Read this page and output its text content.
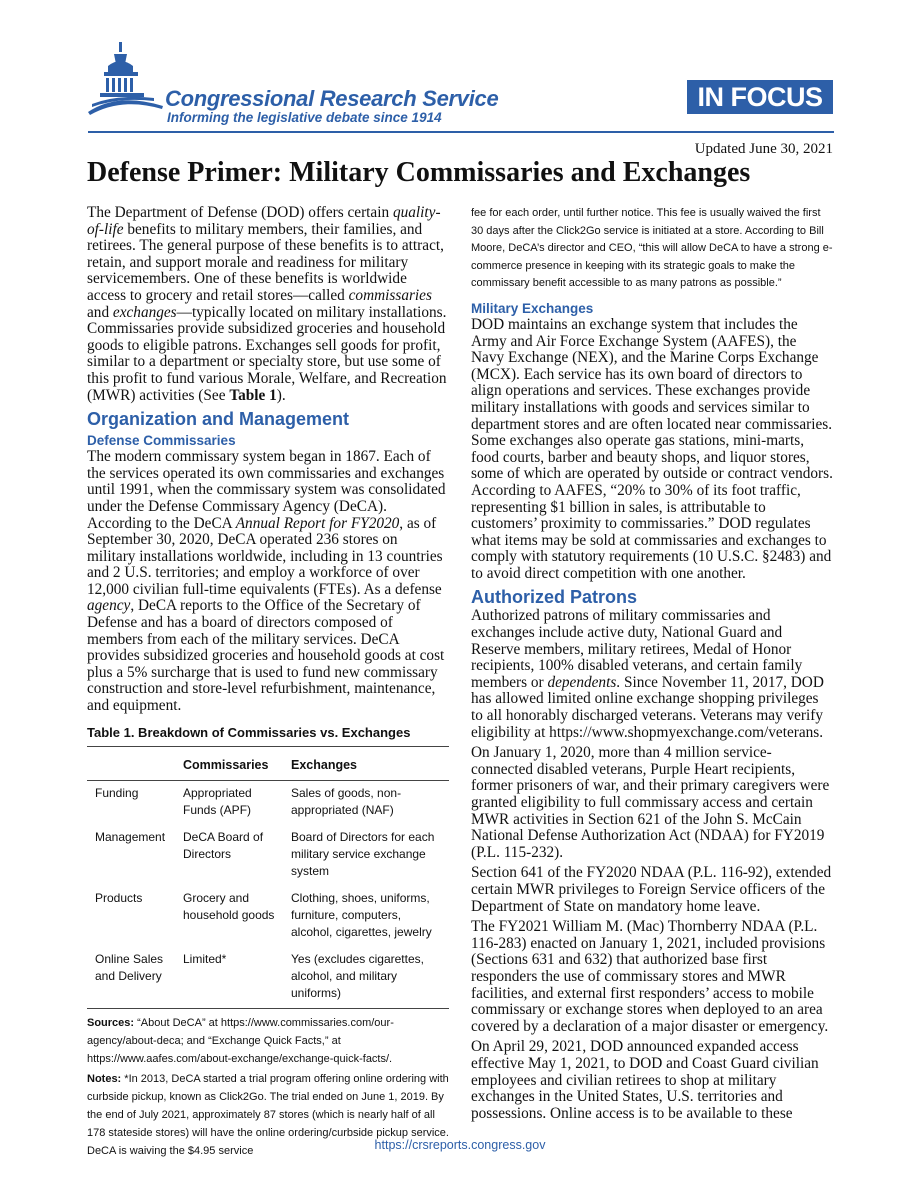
Congressional Research Service
Informing the legislative debate since 1914
IN FOCUS
Updated June 30, 2021
Defense Primer: Military Commissaries and Exchanges

The Department of Defense (DOD) offers certain quality-of-life benefits to military members, their families, and retirees. The general purpose of these benefits is to attract, retain, and support morale and readiness for military servicemembers. One of these benefits is worldwide access to grocery and retail stores—called commissaries and exchanges—typically located on military installations. Commissaries provide subsidized groceries and household goods to eligible patrons. Exchanges sell goods for profit, similar to a department or specialty store, but use some of this profit to fund various Morale, Welfare, and Recreation (MWR) activities (See Table 1).

Organization and Management
Defense Commissaries

The modern commissary system began in 1867. Each of the services operated its own commissaries and exchanges until 1991, when the commissary system was consolidated under the Defense Commissary Agency (DeCA). According to the DeCA Annual Report for FY2020, as of September 30, 2020, DeCA operated 236 stores on military installations worldwide, including in 13 countries and 2 U.S. territories; and employ a workforce of over 12,000 civilian full-time equivalents (FTEs). As a defense agency, DeCA reports to the Office of the Secretary of Defense and has a board of directors composed of members from each of the military services. DeCA provides subsidized groceries and household goods at cost plus a 5% surcharge that is used to fund new commissary construction and store-level refurbishment, maintenance, and equipment.

Table 1. Breakdown of Commissaries vs. Exchanges
	Commissaries	Exchanges
Funding	Appropriated Funds (APF)	Sales of goods, non-appropriated (NAF)
Management	DeCA Board of Directors	Board of Directors for each military service exchange system
Products	Grocery and household goods	Clothing, shoes, uniforms, furniture, computers, alcohol, cigarettes, jewelry
Online Sales and Delivery	Limited*	Yes (excludes cigarettes, alcohol, and military uniforms)
Sources: “About DeCA” at https://www.commissaries.com/our-agency/about-deca; and “Exchange Quick Facts,” at https://www.aafes.com/about-exchange/exchange-quick-facts/.
Notes: *In 2013, DeCA started a trial program offering online ordering with curbside pickup, known as Click2Go. The trial ended on June 1, 2019. By the end of July 2021, approximately 87 stores (which is nearly half of all 178 stateside stores) will have the online ordering/curbside pickup service. DeCA is waiving the $4.95 service

fee for each order, until further notice. This fee is usually waived the first 30 days after the Click2Go service is initiated at a store. According to Bill Moore, DeCA’s director and CEO, “this will allow DeCA to have a strong e-commerce presence in keeping with its strategic goals to make the commissary benefit accessible to as many patrons as possible.”

Military Exchanges

DOD maintains an exchange system that includes the Army and Air Force Exchange System (AAFES), the Navy Exchange (NEX), and the Marine Corps Exchange (MCX). Each service has its own board of directors to align operations and services. These exchanges provide military installations with goods and services similar to department stores and are often located near commissaries. Some exchanges also operate gas stations, mini-marts, food courts, barber and beauty shops, and liquor stores, some of which are operated by outside or contract vendors. According to AAFES, “20% to 30% of its foot traffic, representing $1 billion in sales, is attributable to customers’ proximity to commissaries.” DOD regulates what items may be sold at commissaries and exchanges to comply with statutory requirements (10 U.S.C. §2483) and to avoid direct competition with one another.

Authorized Patrons

Authorized patrons of military commissaries and exchanges include active duty, National Guard and Reserve members, military retirees, Medal of Honor recipients, 100% disabled veterans, and certain family members or dependents. Since November 11, 2017, DOD has allowed limited online exchange shopping privileges to all honorably discharged veterans. Veterans may verify eligibility at https://www.shopmyexchange.com/veterans.

On January 1, 2020, more than 4 million service-connected disabled veterans, Purple Heart recipients, former prisoners of war, and their primary caregivers were granted eligibility to full commissary access and certain MWR activities in Section 621 of the John S. McCain National Defense Authorization Act (NDAA) for FY2019 (P.L. 115-232).

Section 641 of the FY2020 NDAA (P.L. 116-92), extended certain MWR privileges to Foreign Service officers of the Department of State on mandatory home leave.

The FY2021 William M. (Mac) Thornberry NDAA (P.L. 116-283) enacted on January 1, 2021, included provisions (Sections 631 and 632) that authorized base first responders the use of commissary stores and MWR facilities, and external first responders’ access to mobile commissary or exchange stores when deployed to an area covered by a declaration of a major disaster or emergency.

On April 29, 2021, DOD announced expanded access effective May 1, 2021, to DOD and Coast Guard civilian employees and civilian retirees to shop at military exchanges in the United States, U.S. territories and possessions. Online access is to be available to these

https://crsreports.congress.gov
